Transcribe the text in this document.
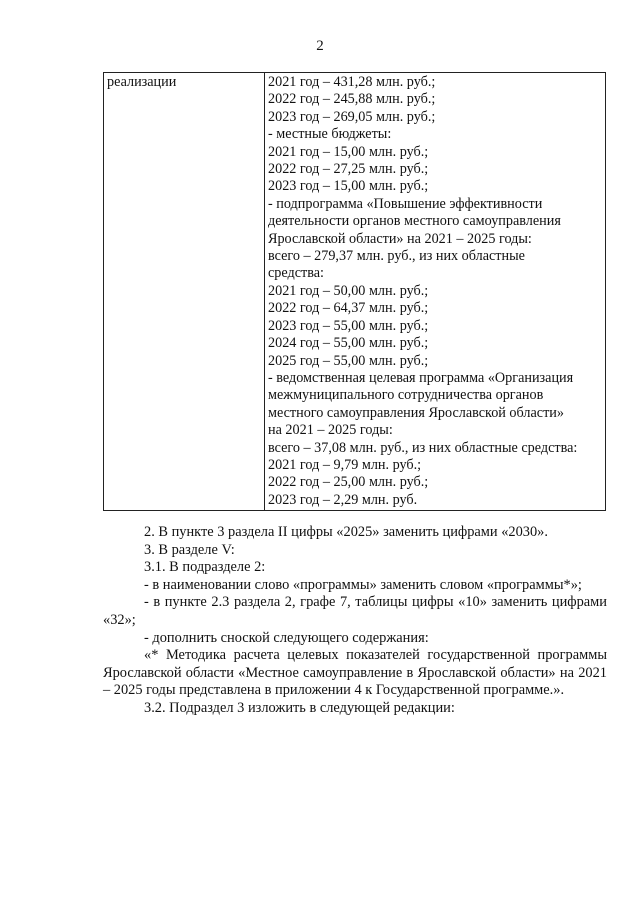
2
реализации	2021 год – 431,28 млн. руб.;
2022 год – 245,88 млн. руб.;
2023 год – 269,05 млн. руб.;
- местные бюджеты:
2021 год – 15,00 млн. руб.;
2022 год – 27,25 млн. руб.;
2023 год – 15,00 млн. руб.;
- подпрограмма «Повышение эффективности
деятельности органов местного самоуправления
Ярославской области» на 2021 – 2025 годы:
всего – 279,37 млн. руб., из них областные
средства:
2021 год – 50,00 млн. руб.;
2022 год – 64,37 млн. руб.;
2023 год – 55,00 млн. руб.;
2024 год – 55,00 млн. руб.;
2025 год – 55,00 млн. руб.;
- ведомственная целевая программа «Организация
межмуниципального сотрудничества органов
местного самоуправления Ярославской области»
на 2021 – 2025 годы:
всего – 37,08 млн. руб., из них областные средства:
2021 год – 9,79 млн. руб.;
2022 год – 25,00 млн. руб.;
2023 год – 2,29 млн. руб.

2. В пункте 3 раздела II цифры «2025» заменить цифрами «2030».

3. В разделе V:

3.1. В подразделе 2:

- в наименовании слово «программы» заменить словом «программы*»;

- в пункте 2.3 раздела 2, графе 7, таблицы цифры «10» заменить цифрами «32»;

- дополнить сноской следующего содержания:

«* Методика расчета целевых показателей государственной программы Ярославской области «Местное самоуправление в Ярославской области» на 2021 – 2025 годы представлена в приложении 4 к Государственной программе.».

3.2. Подраздел 3 изложить в следующей редакции:
